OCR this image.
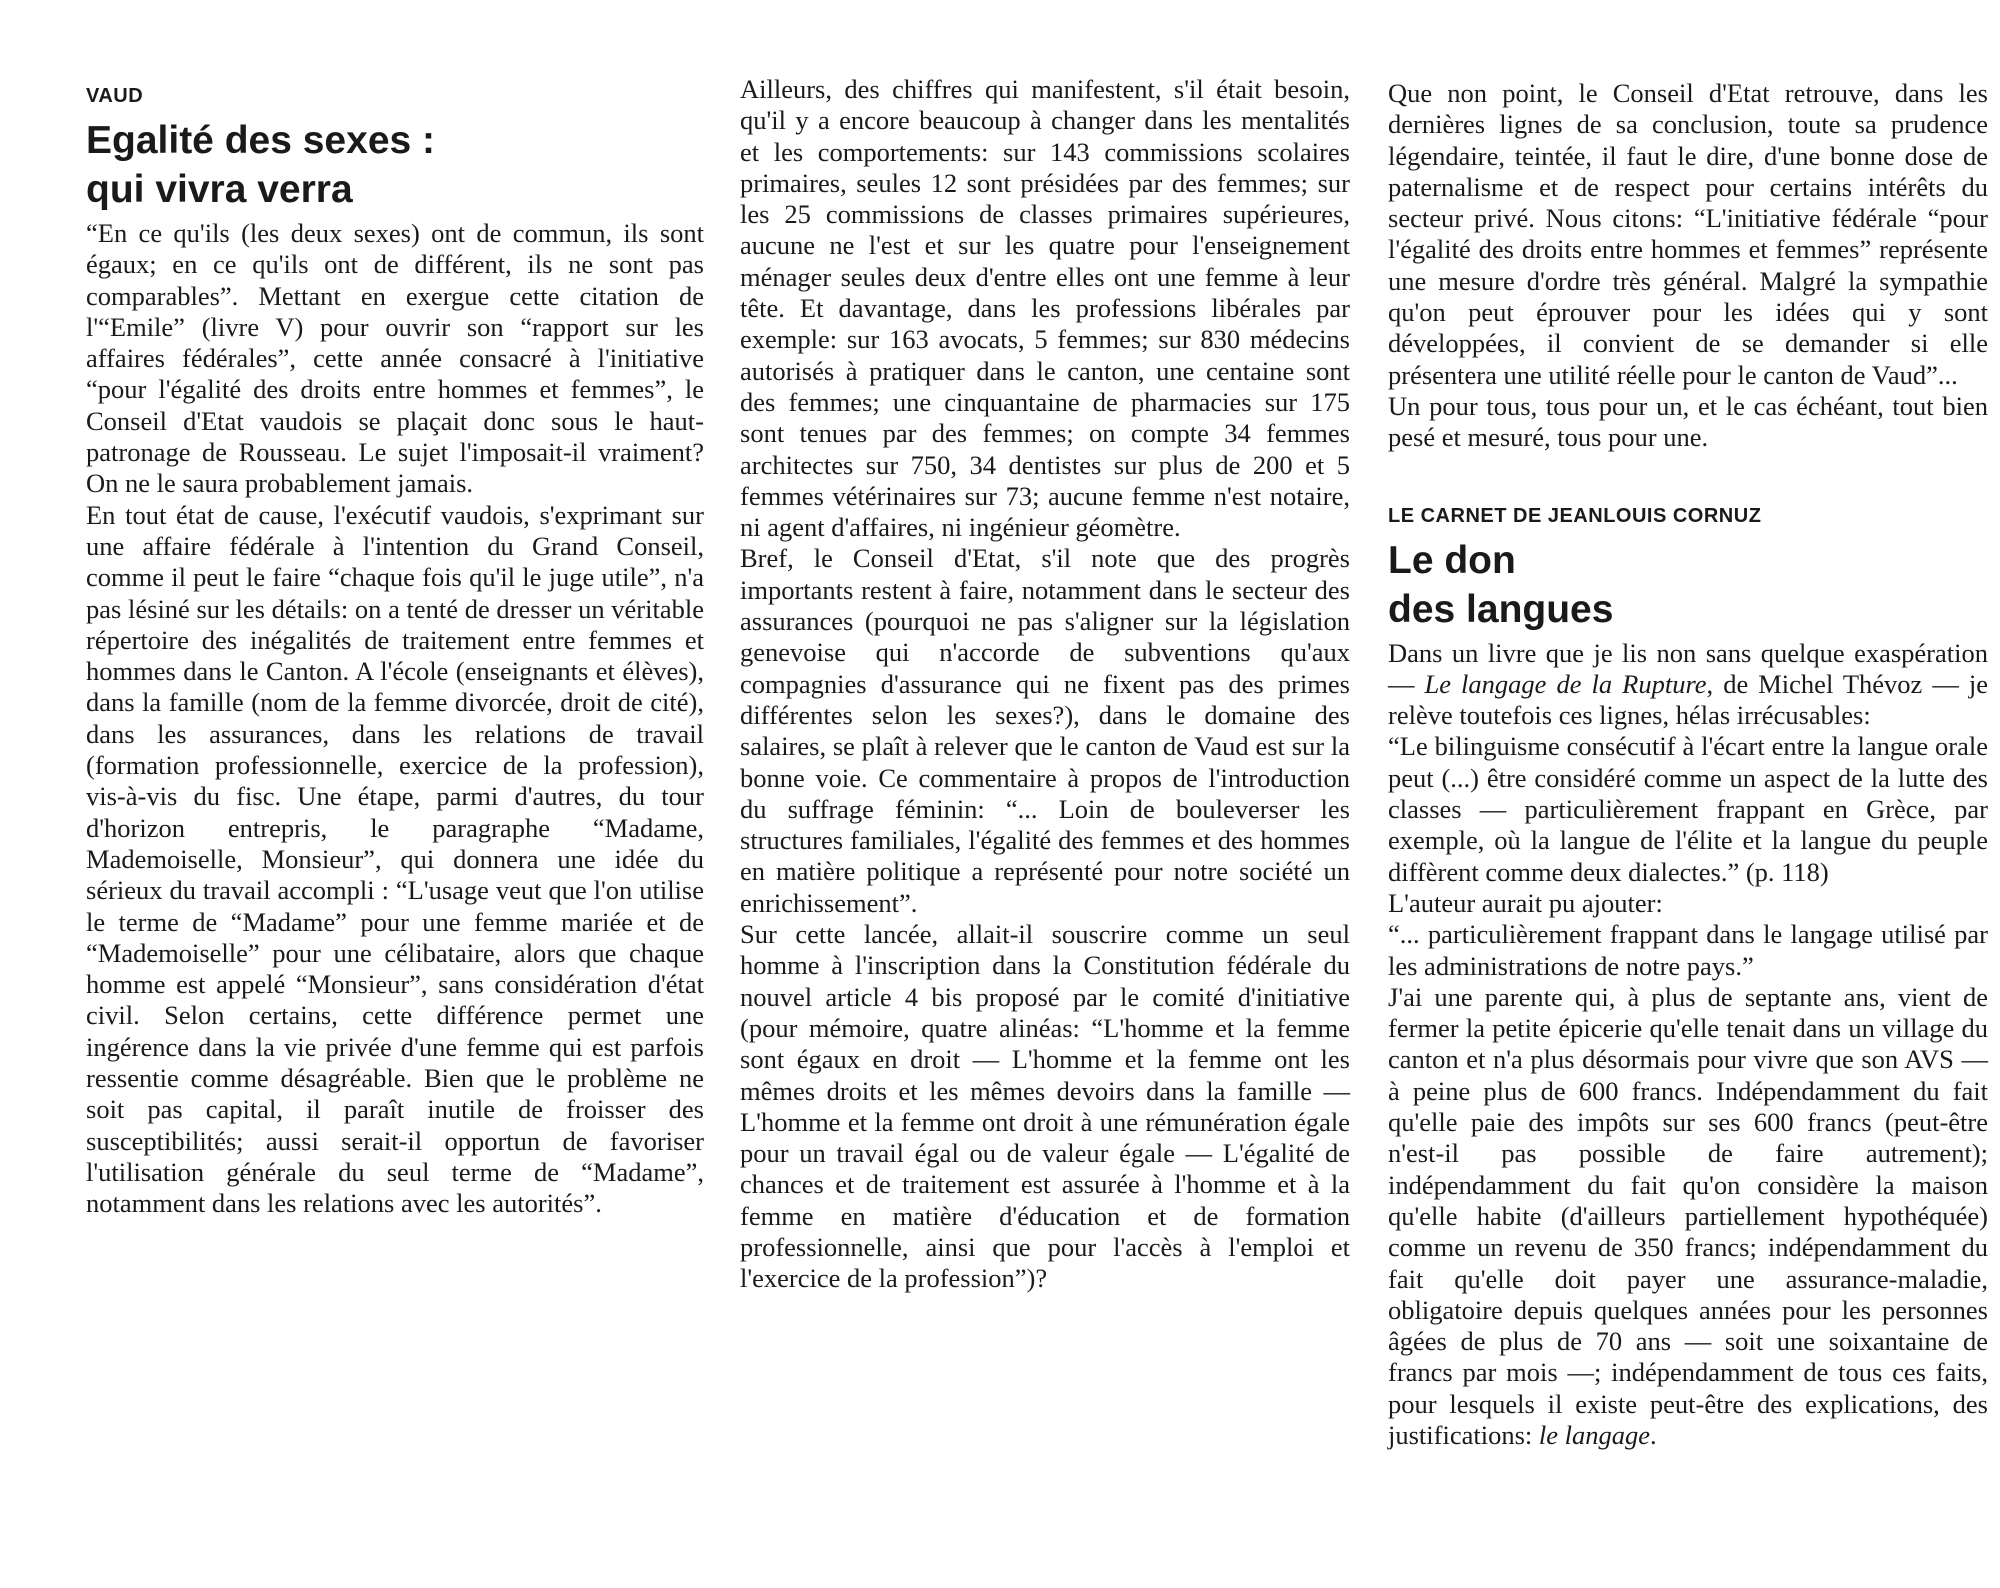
VAUD
Egalité des sexes :
qui vivra verra

“En ce qu'ils (les deux sexes) ont de commun, ils sont égaux; en ce qu'ils ont de différent, ils ne sont pas comparables”. Mettant en exergue cette citation de l'“Emile” (livre V) pour ouvrir son “rapport sur les affaires fédérales”, cette année consacré à l'initiative “pour l'égalité des droits entre hommes et femmes”, le Conseil d'Etat vaudois se plaçait donc sous le haut-patronage de Rousseau. Le sujet l'imposait-il vraiment? On ne le saura probablement jamais.

En tout état de cause, l'exécutif vaudois, s'exprimant sur une affaire fédérale à l'intention du Grand Conseil, comme il peut le faire “chaque fois qu'il le juge utile”, n'a pas lésiné sur les détails: on a tenté de dresser un véritable répertoire des inégalités de traitement entre femmes et hommes dans le Canton. A l'école (enseignants et élèves), dans la famille (nom de la femme divorcée, droit de cité), dans les assurances, dans les relations de travail (formation professionnelle, exercice de la profession), vis-à-vis du fisc. Une étape, parmi d'autres, du tour d'horizon entrepris, le paragraphe “Madame, Mademoiselle, Monsieur”, qui donnera une idée du sérieux du travail accompli : “L'usage veut que l'on utilise le terme de “Madame” pour une femme mariée et de “Mademoiselle” pour une célibataire, alors que chaque homme est appelé “Monsieur”, sans considération d'état civil. Selon certains, cette différence permet une ingérence dans la vie privée d'une femme qui est parfois ressentie comme désagréable. Bien que le problème ne soit pas capital, il paraît inutile de froisser des susceptibilités; aussi serait-il opportun de favoriser l'utilisation générale du seul terme de “Madame”, notamment dans les relations avec les autorités”.

Ailleurs, des chiffres qui manifestent, s'il était besoin, qu'il y a encore beaucoup à changer dans les mentalités et les comportements: sur 143 commissions scolaires primaires, seules 12 sont présidées par des femmes; sur les 25 commissions de classes primaires supérieures, aucune ne l'est et sur les quatre pour l'enseignement ménager seules deux d'entre elles ont une femme à leur tête. Et davantage, dans les professions libérales par exemple: sur 163 avocats, 5 femmes; sur 830 médecins autorisés à pratiquer dans le canton, une centaine sont des femmes; une cinquantaine de pharmacies sur 175 sont tenues par des femmes; on compte 34 femmes architectes sur 750, 34 dentistes sur plus de 200 et 5 femmes vétérinaires sur 73; aucune femme n'est notaire, ni agent d'affaires, ni ingénieur géomètre.

Bref, le Conseil d'Etat, s'il note que des progrès importants restent à faire, notamment dans le secteur des assurances (pourquoi ne pas s'aligner sur la législation genevoise qui n'accorde de subventions qu'aux compagnies d'assurance qui ne fixent pas des primes différentes selon les sexes?), dans le domaine des salaires, se plaît à relever que le canton de Vaud est sur la bonne voie. Ce commentaire à propos de l'introduction du suffrage féminin: “... Loin de bouleverser les structures familiales, l'égalité des femmes et des hommes en matière politique a représenté pour notre société un enrichissement”.

Sur cette lancée, allait-il souscrire comme un seul homme à l'inscription dans la Constitution fédérale du nouvel article 4 bis proposé par le comité d'initiative (pour mémoire, quatre alinéas: “L'homme et la femme sont égaux en droit — L'homme et la femme ont les mêmes droits et les mêmes devoirs dans la famille — L'homme et la femme ont droit à une rémunération égale pour un travail égal ou de valeur égale — L'égalité de chances et de traitement est assurée à l'homme et à la femme en matière d'éducation et de formation professionnelle, ainsi que pour l'accès à l'emploi et l'exercice de la profession”)?

Que non point, le Conseil d'Etat retrouve, dans les dernières lignes de sa conclusion, toute sa prudence légendaire, teintée, il faut le dire, d'une bonne dose de paternalisme et de respect pour certains intérêts du secteur privé. Nous citons: “L'initiative fédérale “pour l'égalité des droits entre hommes et femmes” représente une mesure d'ordre très général. Malgré la sympathie qu'on peut éprouver pour les idées qui y sont développées, il convient de se demander si elle présentera une utilité réelle pour le canton de Vaud”...

Un pour tous, tous pour un, et le cas échéant, tout bien pesé et mesuré, tous pour une.

LE CARNET DE JEANLOUIS CORNUZ
Le don
des langues

Dans un livre que je lis non sans quelque exaspération — Le langage de la Rupture, de Michel Thévoz — je relève toutefois ces lignes, hélas irrécusables:

“Le bilinguisme consécutif à l'écart entre la langue orale peut (...) être considéré comme un aspect de la lutte des classes — particulièrement frappant en Grèce, par exemple, où la langue de l'élite et la langue du peuple diffèrent comme deux dialectes.” (p. 118)

L'auteur aurait pu ajouter:

“... particulièrement frappant dans le langage utilisé par les administrations de notre pays.”

J'ai une parente qui, à plus de septante ans, vient de fermer la petite épicerie qu'elle tenait dans un village du canton et n'a plus désormais pour vivre que son AVS — à peine plus de 600 francs. Indépendamment du fait qu'elle paie des impôts sur ses 600 francs (peut-être n'est-il pas possible de faire autrement); indépendamment du fait qu'on considère la maison qu'elle habite (d'ailleurs partiellement hypothéquée) comme un revenu de 350 francs; indépendamment du fait qu'elle doit payer une assurance-maladie, obligatoire depuis quelques années pour les personnes âgées de plus de 70 ans — soit une soixantaine de francs par mois —; indépendamment de tous ces faits, pour lesquels il existe peut-être des explications, des justifications: le langage.
